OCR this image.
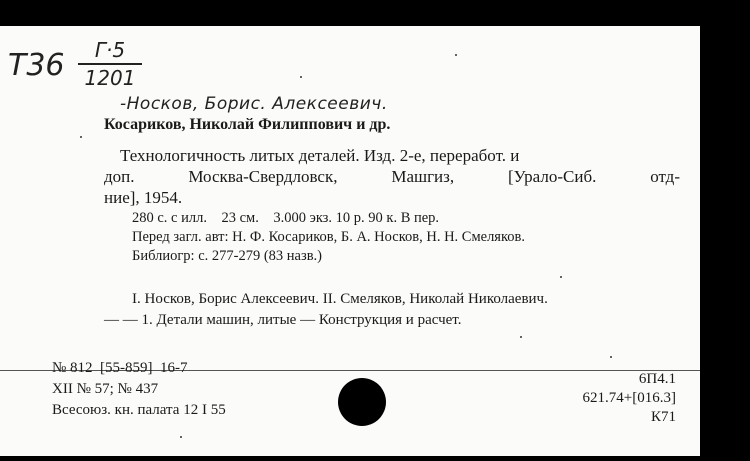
Т36	Г·5
1201
-Носков, Борис. Алексеевич.
Косариков, Николай Филиппович и др.
Технологичность литых деталей. Изд. 2-е, переработ. и
доп.	Москва-Свердловск,	Машгиз,	[Урало-Сиб.	отд-
ние], 1954.
280 с. с илл.    23 см.    3.000 экз. 10 р. 90 к. В пер.
Перед загл. авт: Н. Ф. Косариков, Б. А. Носков, Н. Н. Смеляков.
Библиогр: с. 277-279 (83 назв.)
I. Носков, Борис Алексеевич. II. Смеляков, Николай Николаевич.
— — 1. Детали машин, литые — Конструкция и расчет.
№ 812  [55-859]  16-7
XII № 57; № 437
Всесоюз. кн. палата 12 I 55
6П4.1
621.74+[016.3]
К71
